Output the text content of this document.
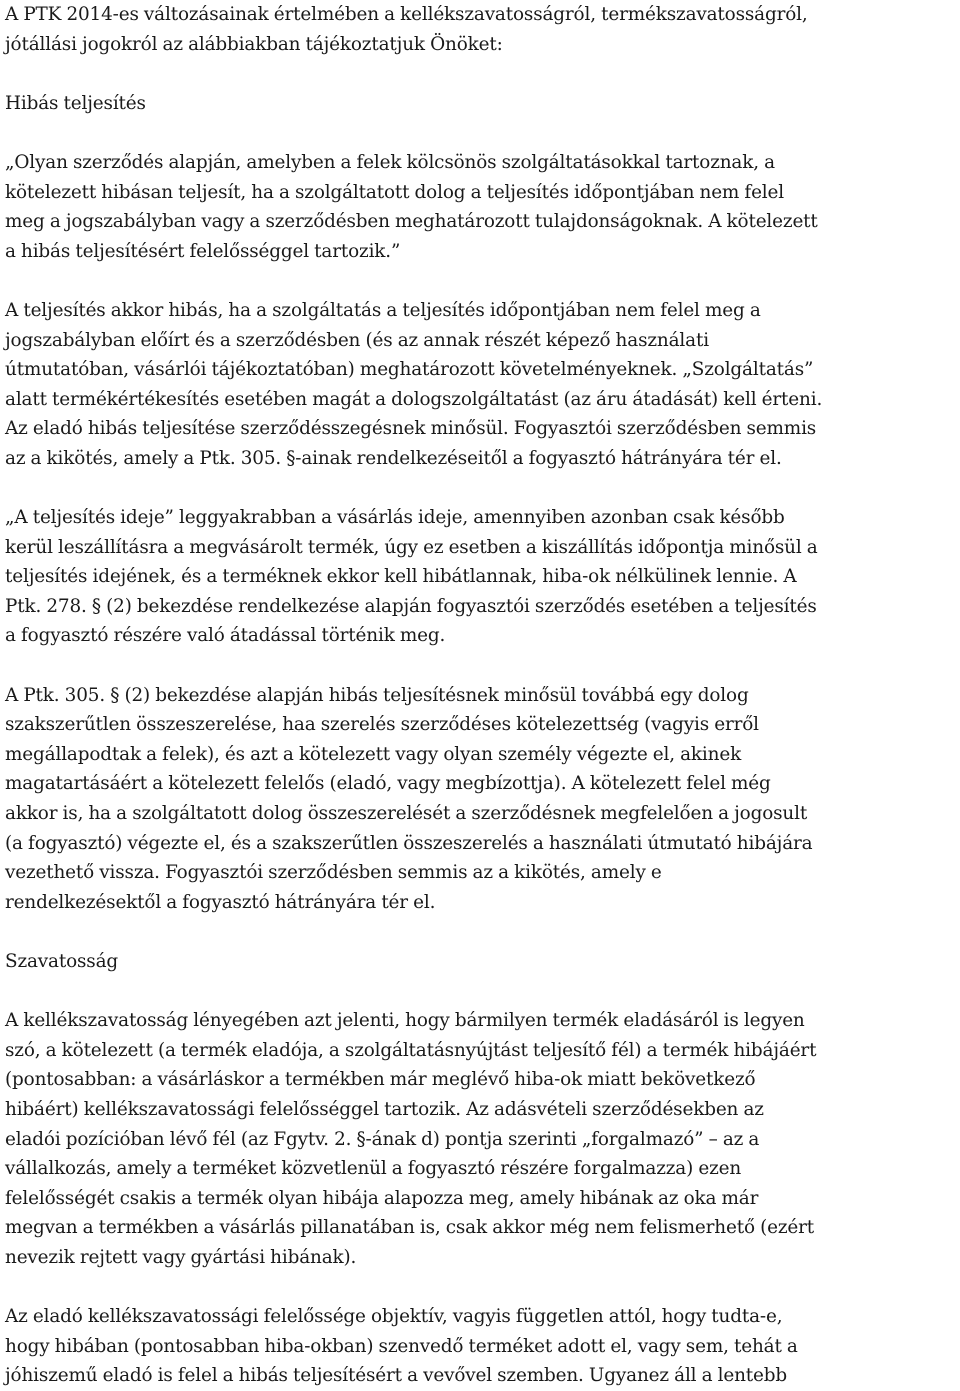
A PTK 2014-es változásainak értelmében a kellékszavatosságról, termékszavatosságról,
jótállási jogokról az alábbiakban tájékoztatjuk Önöket:
Hibás teljesítés
„Olyan szerződés alapján, amelyben a felek kölcsönös szolgáltatásokkal tartoznak, a
kötelezett hibásan teljesít, ha a szolgáltatott dolog a teljesítés időpontjában nem felel
meg a jogszabályban vagy a szerződésben meghatározott tulajdonságoknak. A kötelezett
a hibás teljesítésért felelősséggel tartozik.”
A teljesítés akkor hibás, ha a szolgáltatás a teljesítés időpontjában nem felel meg a
jogszabályban előírt és a szerződésben (és az annak részét képező használati
útmutatóban, vásárlói tájékoztatóban) meghatározott követelményeknek. „Szolgáltatás”
alatt termékértékesítés esetében magát a dologszolgáltatást (az áru átadását) kell érteni.
Az eladó hibás teljesítése szerződésszegésnek minősül. Fogyasztói szerződésben semmis
az a kikötés, amely a Ptk. 305. §-ainak rendelkezéseitől a fogyasztó hátrányára tér el.
„A teljesítés ideje” leggyakrabban a vásárlás ideje, amennyiben azonban csak később
kerül leszállításra a megvásárolt termék, úgy ez esetben a kiszállítás időpontja minősül a
teljesítés idejének, és a terméknek ekkor kell hibátlannak, hiba-ok nélkülinek lennie. A
Ptk. 278. § (2) bekezdése rendelkezése alapján fogyasztói szerződés esetében a teljesítés
a fogyasztó részére való átadással történik meg.
A Ptk. 305. § (2) bekezdése alapján hibás teljesítésnek minősül továbbá egy dolog
szakszerűtlen összeszerelése, haa szerelés szerződéses kötelezettség (vagyis erről
megállapodtak a felek), és azt a kötelezett vagy olyan személy végezte el, akinek
magatartásáért a kötelezett felelős (eladó, vagy megbízottja). A kötelezett felel még
akkor is, ha a szolgáltatott dolog összeszerelését a szerződésnek megfelelően a jogosult
(a fogyasztó) végezte el, és a szakszerűtlen összeszerelés a használati útmutató hibájára
vezethető vissza. Fogyasztói szerződésben semmis az a kikötés, amely e
rendelkezésektől a fogyasztó hátrányára tér el.
Szavatosság
A kellékszavatosság lényegében azt jelenti, hogy bármilyen termék eladásáról is legyen
szó, a kötelezett (a termék eladója, a szolgáltatásnyújtást teljesítő fél) a termék hibájáért
(pontosabban: a vásárláskor a termékben már meglévő hiba-ok miatt bekövetkező
hibáért) kellékszavatossági felelősséggel tartozik. Az adásvételi szerződésekben az
eladói pozícióban lévő fél (az Fgytv. 2. §-ának d) pontja szerinti „forgalmazó” – az a
vállalkozás, amely a terméket közvetlenül a fogyasztó részére forgalmazza) ezen
felelősségét csakis a termék olyan hibája alapozza meg, amely hibának az oka már
megvan a termékben a vásárlás pillanatában is, csak akkor még nem felismerhető (ezért
nevezik rejtett vagy gyártási hibának).
Az eladó kellékszavatossági felelőssége objektív, vagyis független attól, hogy tudta-e,
hogy hibában (pontosabban hiba-okban) szenvedő terméket adott el, vagy sem, tehát a
jóhiszemű eladó is felel a hibás teljesítésért a vevővel szemben. Ugyanez áll a lentebb
